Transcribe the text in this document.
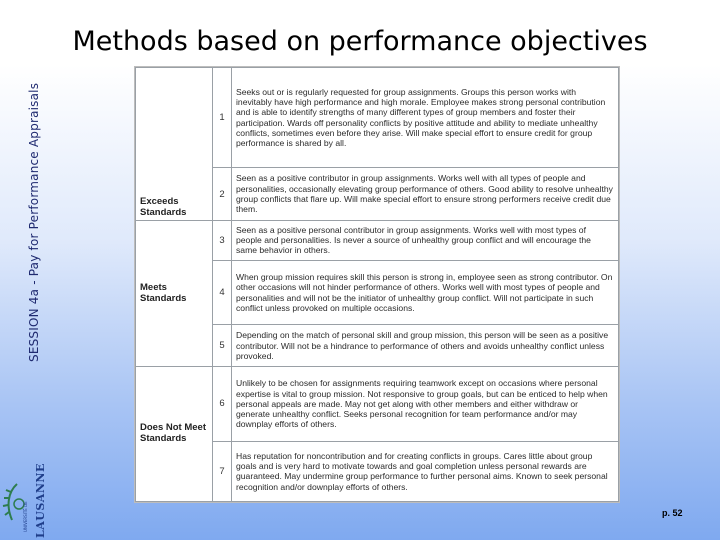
Methods based on performance objectives
SESSION 4a - Pay for Performance Appraisals
UNIVERSITÉ DE LAUSANNE
Exceeds Standards	1	Seeks out or is regularly requested for group assignments. Groups this person works with inevitably have high performance and high morale. Employee makes strong personal contribution and is able to identify strengths of many different types of group members and foster their participation. Wards off personality conflicts by positive attitude and ability to mediate unhealthy conflicts, sometimes even before they arise. Will make special effort to ensure credit for group performance is shared by all.
	2	Seen as a positive contributor in group assignments. Works well with all types of people and personalities, occasionally elevating group performance of others. Good ability to resolve unhealthy group conflicts that flare up. Will make special effort to ensure strong performers receive credit due them.
Meets Standards	3	Seen as a positive personal contributor in group assignments. Works well with most types of people and personalities. Is never a source of unhealthy group conflict and will encourage the same behavior in others.
	4	When group mission requires skill this person is strong in, employee seen as strong contributor. On other occasions will not hinder performance of others. Works well with most types of people and personalities and will not be the initiator of unhealthy group conflict. Will not participate in such conflict unless provoked on multiple occasions.
	5	Depending on the match of personal skill and group mission, this person will be seen as a positive contributor. Will not be a hindrance to performance of others and avoids unhealthy conflict unless provoked.
Does Not Meet Standards	6	Unlikely to be chosen for assignments requiring teamwork except on occasions where personal expertise is vital to group mission. Not responsive to group goals, but can be enticed to help when personal appeals are made. May not get along with other members and either withdraw or generate unhealthy conflict. Seeks personal recognition for team performance and/or may downplay efforts of others.
	7	Has reputation for noncontribution and for creating conflicts in groups. Cares little about group goals and is very hard to motivate towards and goal completion unless personal rewards are guaranteed. May undermine group performance to further personal aims. Known to seek personal recognition and/or downplay efforts of others.
p. 52
